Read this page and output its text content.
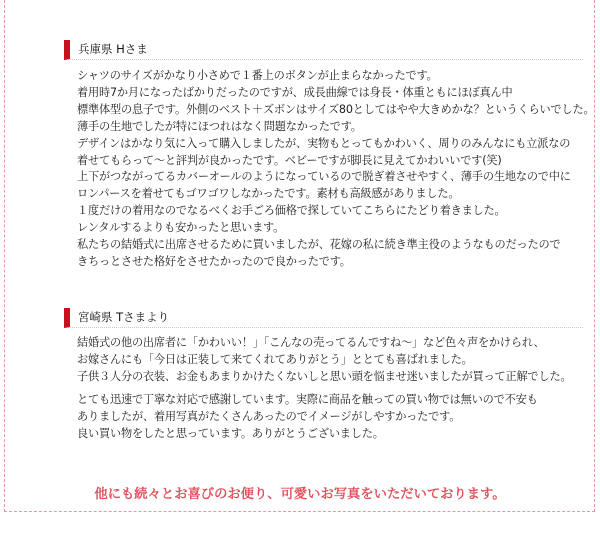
兵庫県 Hさま
シャツのサイズがかなり小さめで１番上のボタンが止まらなかったです。
着用時7か月になったばかりだったのですが、成長曲線では身長・体重ともにほぼ真ん中
標準体型の息子です。外側のベスト＋ズボンはサイズ80としてはやや大きめかな？というくらいでした。
薄手の生地でしたが特にほつれはなく問題なかったです。
デザインはかなり気に入って購入しましたが、実物もとってもかわいく、周りのみんなにも立派なの
着せてもらって〜と評判が良かったです。ベビーですが脚長に見えてかわいいです(笑)
上下がつながってるカバーオールのようになっているので脱ぎ着させやすく、薄手の生地なので中に
ロンパースを着せてもゴワゴワしなかったです。素材も高級感がありました。
１度だけの着用なのでなるべくお手ごろ価格で探していてこちらにたどり着きました。
レンタルするよりも安かったと思います。
私たちの結婚式に出席させるために買いましたが、花嫁の私に続き準主役のようなものだったので
きちっとさせた格好をさせたかったので良かったです。
宮崎県 Tさまより
結婚式の他の出席者に「かわいい！」「こんなの売ってるんですね〜」など色々声をかけられ、
お嫁さんにも「今日は正装して来てくれてありがとう」ととても喜ばれました。
子供３人分の衣装、お金もあまりかけたくないしと思い頭を悩ませ迷いましたが買って正解でした。
とても迅速で丁寧な対応で感謝しています。実際に商品を触っての買い物では無いので不安も
ありましたが、着用写真がたくさんあったのでイメージがしやすかったです。
良い買い物をしたと思っています。ありがとうございました。
他にも続々とお喜びのお便り、可愛いお写真をいただいております。
